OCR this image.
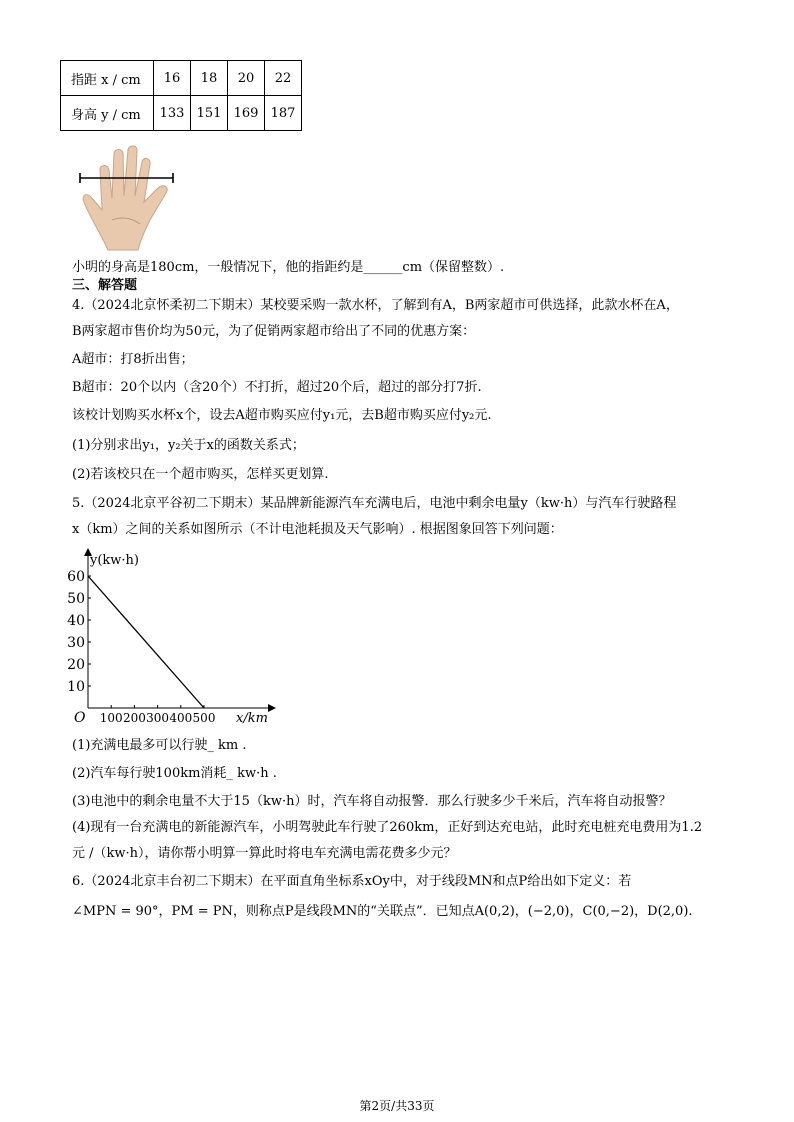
指距 x / cm	16	18	20	22
身高 y / cm	133	151	169	187
小明的身高是180cm，一般情况下，他的指距约是______cm（保留整数）.
三、解答题
4.（2024北京怀柔初二下期末）某校要采购一款水杯，了解到有A，B两家超市可供选择，此款水杯在A，
B两家超市售价均为50元，为了促销两家超市给出了不同的优惠方案：
A超市：打8折出售；
B超市：20个以内（含20个）不打折，超过20个后，超过的部分打7折.
该校计划购买水杯x个，设去A超市购买应付y₁元，去B超市购买应付y₂元.
(1)分别求出y₁，y₂关于x的函数关系式；
(2)若该校只在一个超市购买，怎样买更划算.
5.（2024北京平谷初二下期末）某品牌新能源汽车充满电后，电池中剩余电量y（kw·h）与汽车行驶路程
x（km）之间的关系如图所示（不计电池耗损及天气影响）. 根据图象回答下列问题：
y(kw·h)
x/km
O
10
20
30
40
50
60
100 200 300 400 500
(1)充满电最多可以行驶_ km .
(2)汽车每行驶100km消耗_ kw·h .
(3)电池中的剩余电量不大于15（kw·h）时，汽车将自动报警．那么行驶多少千米后，汽车将自动报警？
(4)现有一台充满电的新能源汽车，小明驾驶此车行驶了260km，正好到达充电站，此时充电桩充电费用为1.2
元 /（kw·h），请你帮小明算一算此时将电车充满电需花费多少元？
6.（2024北京丰台初二下期末）在平面直角坐标系xOy中，对于线段MN和点P给出如下定义：若
∠MPN = 90°，PM = PN，则称点P是线段MN的“关联点”．已知点A(0,2)，(−2,0)，C(0,−2)，D(2,0).
第2页/共33页
